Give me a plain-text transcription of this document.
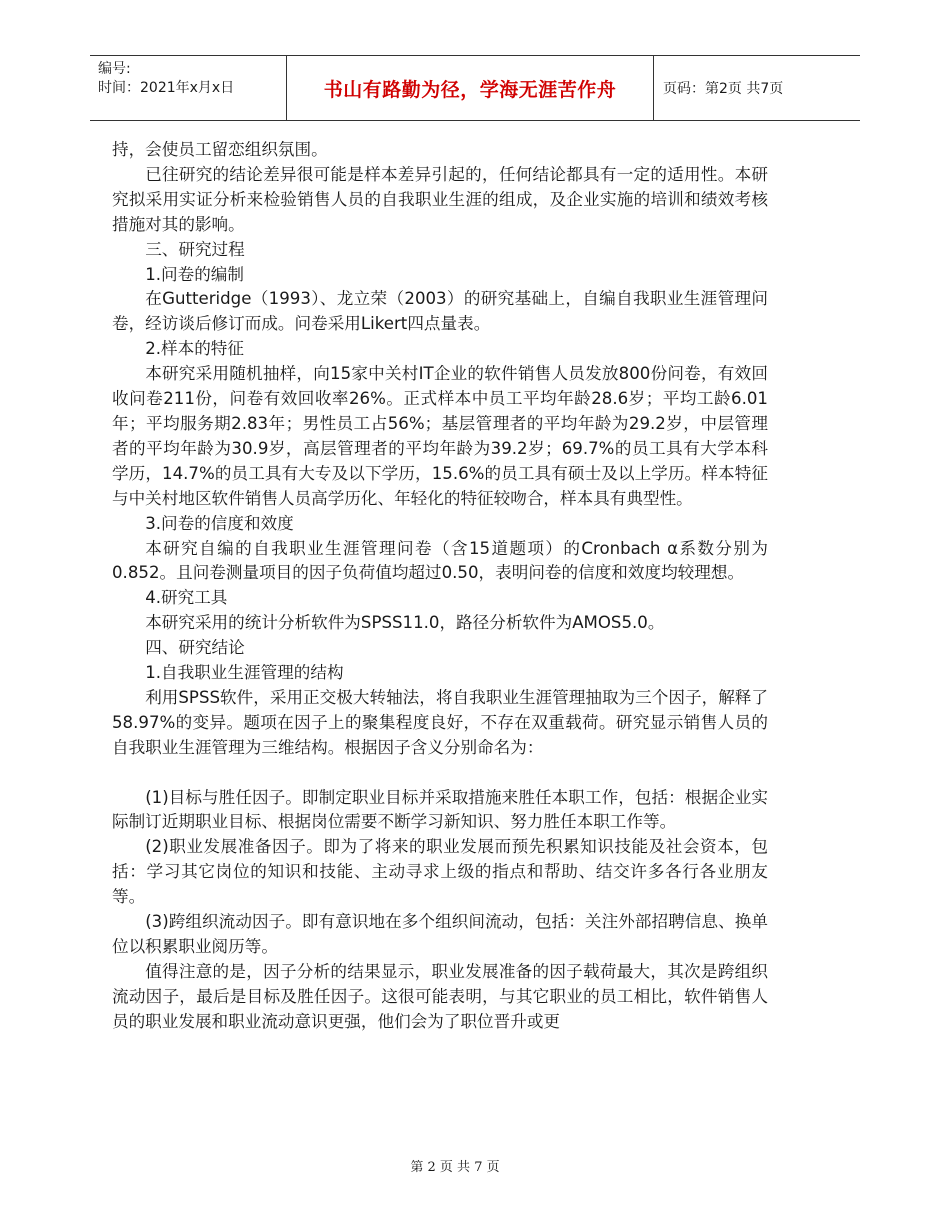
编号:
时间：2021年x月x日	书山有路勤为径，学海无涯苦作舟	页码：第2页 共7页

持，会使员工留恋组织氛围。

已往研究的结论差异很可能是样本差异引起的，任何结论都具有一定的适用性。本研究拟采用实证分析来检验销售人员的自我职业生涯的组成，及企业实施的培训和绩效考核措施对其的影响。

三、研究过程

1.问卷的编制

在Gutteridge（1993）、龙立荣（2003）的研究基础上，自编自我职业生涯管理问卷，经访谈后修订而成。问卷采用Likert四点量表。

2.样本的特征

本研究采用随机抽样，向15家中关村IT企业的软件销售人员发放800份问卷，有效回收问卷211份，问卷有效回收率26%。正式样本中员工平均年龄28.6岁；平均工龄6.01年；平均服务期2.83年；男性员工占56%；基层管理者的平均年龄为29.2岁，中层管理者的平均年龄为30.9岁，高层管理者的平均年龄为39.2岁；69.7%的员工具有大学本科学历，14.7%的员工具有大专及以下学历，15.6%的员工具有硕士及以上学历。样本特征与中关村地区软件销售人员高学历化、年轻化的特征较吻合，样本具有典型性。

3.问卷的信度和效度

本研究自编的自我职业生涯管理问卷（含15道题项）的Cronbach α系数分别为0.852。且问卷测量项目的因子负荷值均超过0.50，表明问卷的信度和效度均较理想。

4.研究工具

本研究采用的统计分析软件为SPSS11.0，路径分析软件为AMOS5.0。

四、研究结论

1.自我职业生涯管理的结构

利用SPSS软件，采用正交极大转轴法，将自我职业生涯管理抽取为三个因子，解释了58.97%的变异。题项在因子上的聚集程度良好，不存在双重载荷。研究显示销售人员的自我职业生涯管理为三维结构。根据因子含义分别命名为：

(1)目标与胜任因子。即制定职业目标并采取措施来胜任本职工作，包括：根据企业实际制订近期职业目标、根据岗位需要不断学习新知识、努力胜任本职工作等。

(2)职业发展准备因子。即为了将来的职业发展而预先积累知识技能及社会资本，包括：学习其它岗位的知识和技能、主动寻求上级的指点和帮助、结交许多各行各业朋友等。

(3)跨组织流动因子。即有意识地在多个组织间流动，包括：关注外部招聘信息、换单位以积累职业阅历等。

值得注意的是，因子分析的结果显示，职业发展准备的因子载荷最大，其次是跨组织流动因子，最后是目标及胜任因子。这很可能表明，与其它职业的员工相比，软件销售人员的职业发展和职业流动意识更强，他们会为了职位晋升或更

第 2 页 共 7 页
